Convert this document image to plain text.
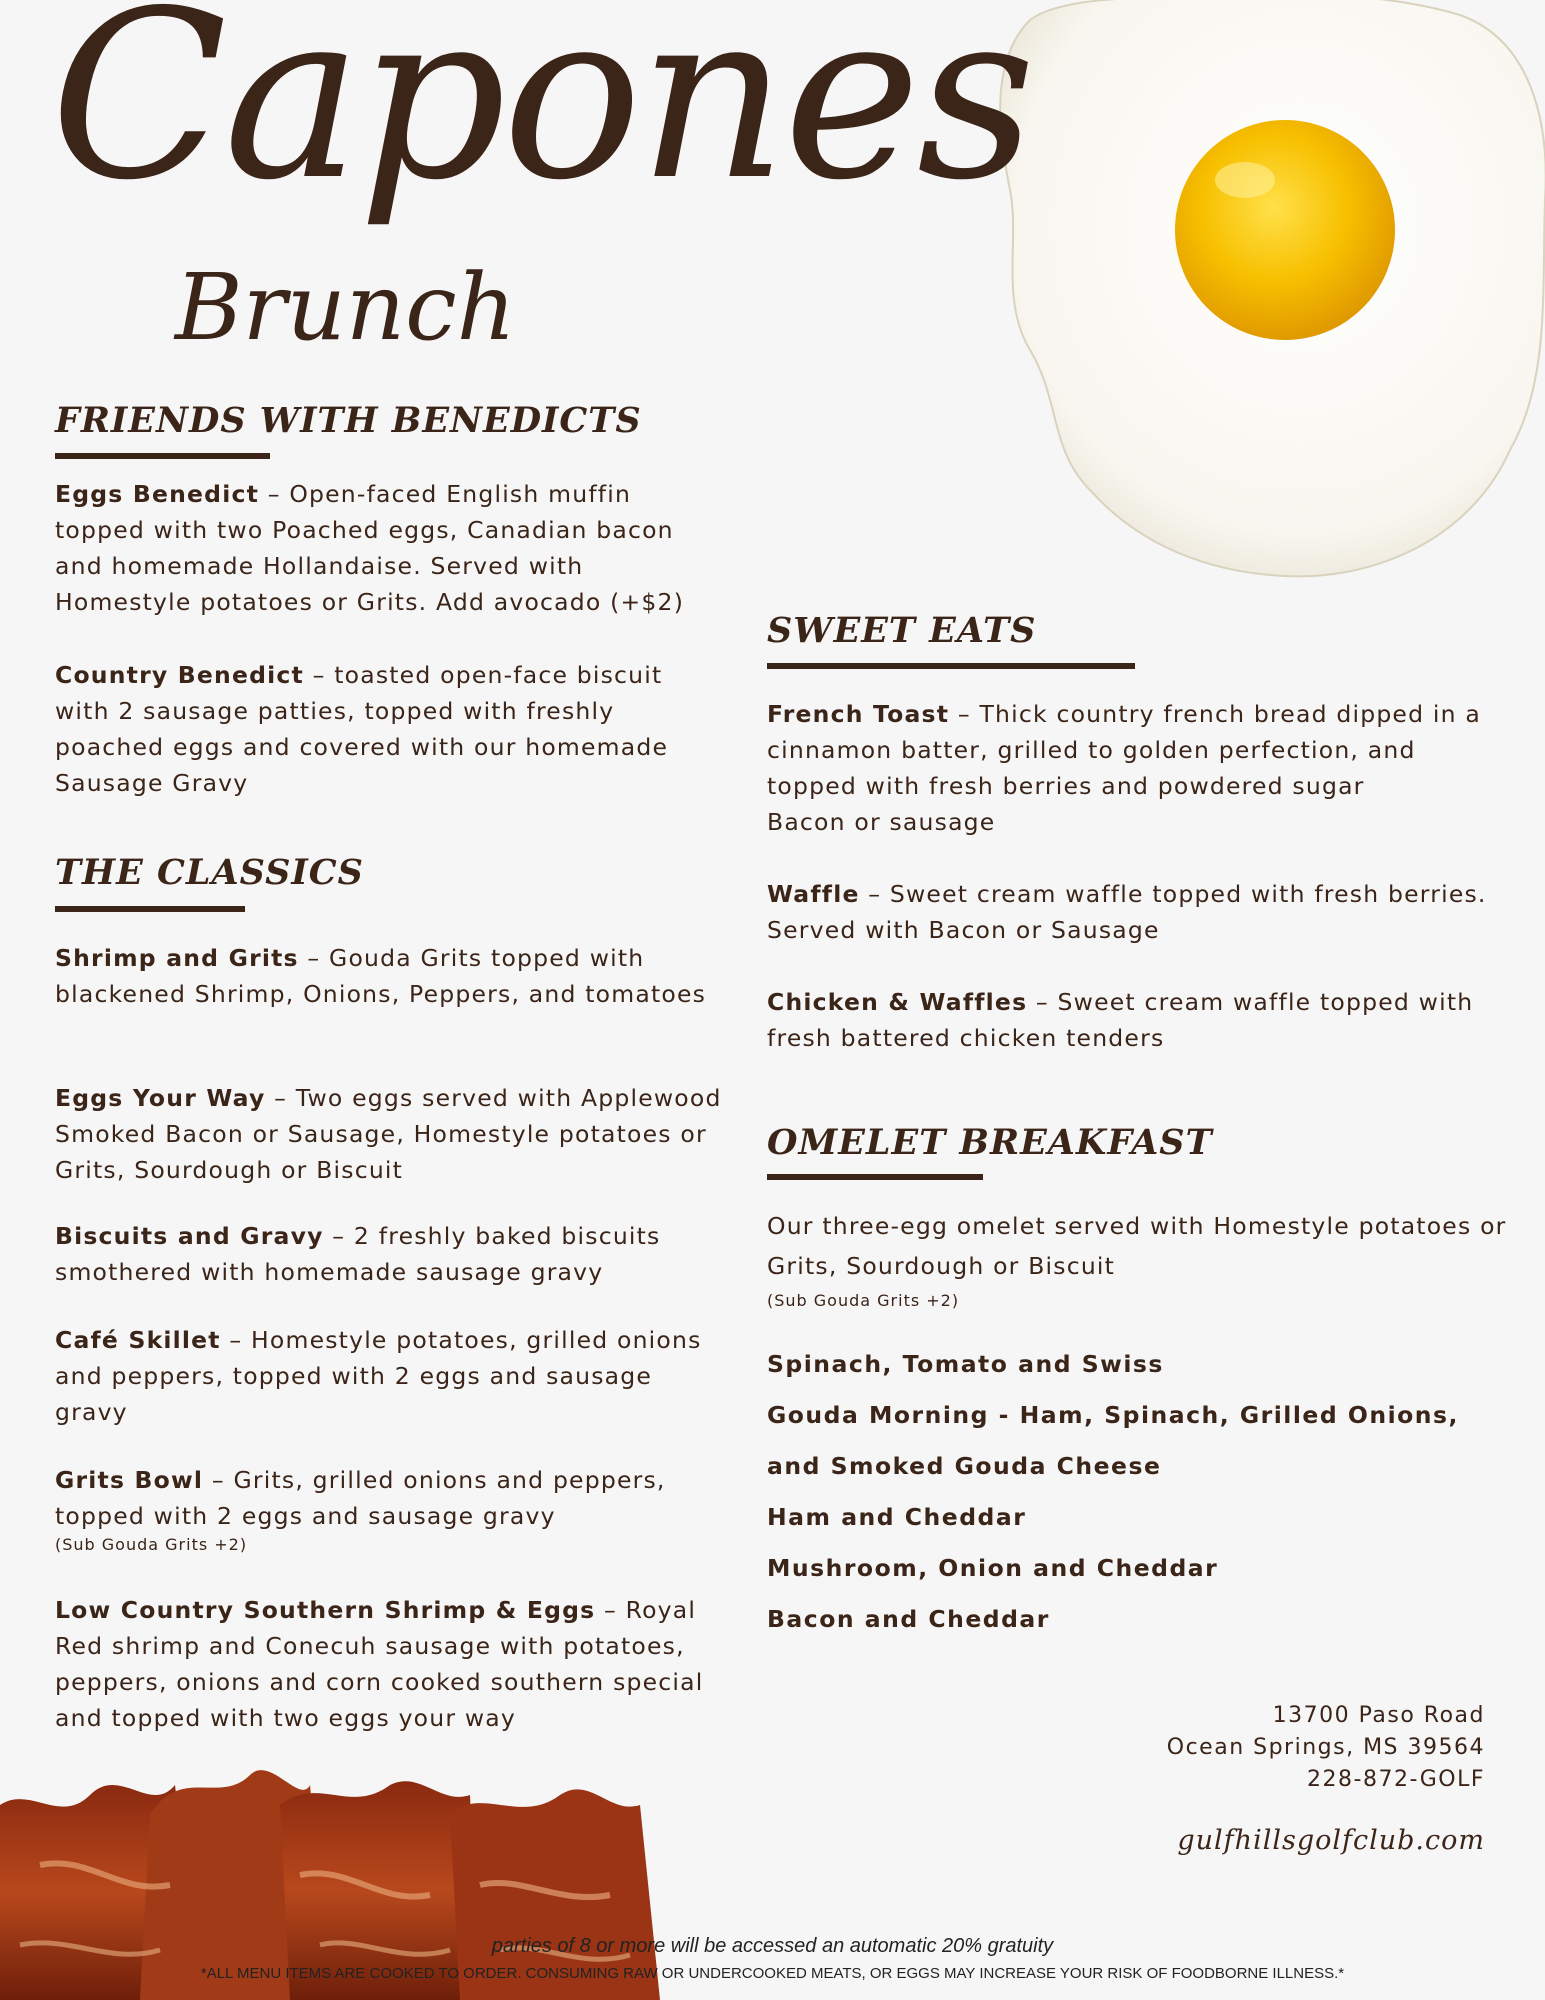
Capones
Brunch
FRIENDS WITH BENEDICTS
Eggs Benedict – Open-faced English muffin topped with two Poached eggs, Canadian bacon and homemade Hollandaise. Served with Homestyle potatoes or Grits. Add avocado (+$2)
Country Benedict – toasted open-face biscuit with 2 sausage patties, topped with freshly poached eggs and covered with our homemade Sausage Gravy
THE CLASSICS
Shrimp and Grits – Gouda Grits topped with blackened Shrimp, Onions, Peppers, and tomatoes
Eggs Your Way – Two eggs served with Applewood Smoked Bacon or Sausage, Homestyle potatoes or Grits, Sourdough or Biscuit
Biscuits and Gravy – 2 freshly baked biscuits smothered with homemade sausage gravy
Café Skillet – Homestyle potatoes, grilled onions and peppers, topped with 2 eggs and sausage gravy
Grits Bowl – Grits, grilled onions and peppers, topped with 2 eggs and sausage gravy
(Sub Gouda Grits +2)
Low Country Southern Shrimp & Eggs – Royal Red shrimp and Conecuh sausage with potatoes, peppers, onions and corn cooked southern special and topped with two eggs your way
SWEET EATS
French Toast – Thick country french bread dipped in a cinnamon batter, grilled to golden perfection, and topped with fresh berries and powdered sugar
Bacon or sausage
Waffle – Sweet cream waffle topped with fresh berries. Served with Bacon or Sausage
Chicken & Waffles – Sweet cream waffle topped with fresh battered chicken tenders
OMELET BREAKFAST
Our three-egg omelet served with Homestyle potatoes or Grits, Sourdough or Biscuit
(Sub Gouda Grits +2)
Spinach, Tomato and Swiss
Gouda Morning - Ham, Spinach, Grilled Onions,
and Smoked Gouda Cheese
Ham and Cheddar
Mushroom, Onion and Cheddar
Bacon and Cheddar
13700 Paso Road
Ocean Springs, MS 39564
228-872-GOLF
gulfhillsgolfclub.com
parties of 8 or more will be accessed an automatic 20% gratuity
*ALL MENU ITEMS ARE COOKED TO ORDER. CONSUMING RAW OR UNDERCOOKED MEATS, OR EGGS MAY INCREASE YOUR RISK OF FOODBORNE ILLNESS.*
